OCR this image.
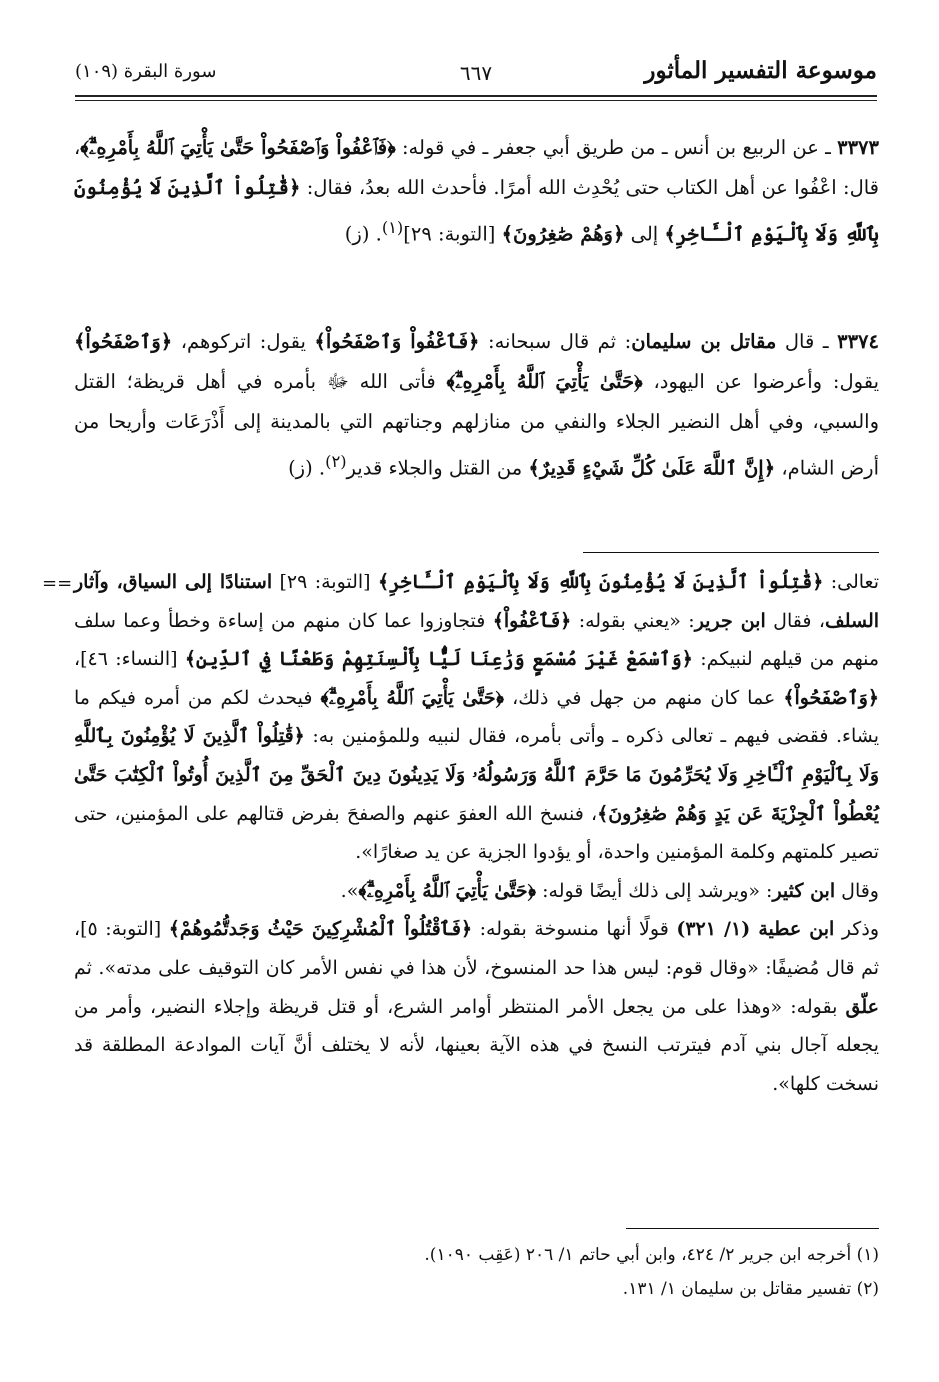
موسوعة التفسير المأثور
٦٦٧
سورة البقرة (١٠٩)

٣٣٧٣ ـ عن الربيع بن أنس ـ من طريق أبي جعفر ـ في قوله: ﴿فَٱعْفُواْ وَٱصْفَحُواْ حَتَّىٰ يَأْتِيَ ٱللَّهُ بِأَمْرِهِۦٓۗ﴾، قال: اعْفُوا عن أهل الكتاب حتى يُحْدِث الله أمرًا. فأحدث الله بعدُ، فقال: ﴿قَٰتِلُواْ ٱلَّذِينَ لَا يُؤْمِنُونَ بِٱللَّهِ وَلَا بِٱلْيَوْمِ ٱلْـَٔاخِرِ﴾ إلى ﴿وَهُمْ صَٰغِرُونَ﴾ [التوبة: ٢٩]$^{(١)}$. (ز)

٣٣٧٤ ـ قال مقاتل بن سليمان: ثم قال سبحانه: ﴿فَٱعْفُواْ وَٱصْفَحُواْ﴾ يقول: اتركوهم، ﴿وَٱصْفَحُواْ﴾ يقول: وأعرضوا عن اليهود، ﴿حَتَّىٰ يَأْتِيَ ٱللَّهُ بِأَمْرِهِۦٓۗ﴾ فأتى الله ﷻ بأمره في أهل قريظة؛ القتل والسبي، وفي أهل النضير الجلاء والنفي من منازلهم وجناتهم التي بالمدينة إلى أَذْرَعَات وأريحا من أرض الشام، ﴿إِنَّ ٱللَّهَ عَلَىٰ كُلِّ شَيْءٍ قَدِيرٌ﴾ من القتل والجلاء قدير$^{(٢)}$. (ز)

==	تعالى: ﴿قَٰتِلُواْ ٱلَّذِينَ لَا يُؤْمِنُونَ بِٱللَّهِ وَلَا بِٱلْيَوْمِ ٱلْـَٔاخِرِ﴾ [التوبة: ٢٩] استنادًا إلى السياق، وآثار السلف، فقال ابن جرير: «يعني بقوله: ﴿فَٱعْفُواْ﴾ فتجاوزوا عما كان منهم من إساءة وخطأ وعما سلف منهم من قيلهم لنبيكم: ﴿وَٱسْمَعْ غَيْرَ مُسْمَعٍ وَرَٰعِنَا لَيًّۢا بِأَلْسِنَتِهِمْ وَطَعْنًا فِي ٱلدِّينِ﴾ [النساء: ٤٦]، ﴿وَٱصْفَحُواْ﴾ عما كان منهم من جهل في ذلك، ﴿حَتَّىٰ يَأْتِيَ ٱللَّهُ بِأَمْرِهِۦٓۗ﴾ فيحدث لكم من أمره فيكم ما يشاء. فقضى فيهم ـ تعالى ذكره ـ وأتى بأمره، فقال لنبيه وللمؤمنين به: ﴿قَٰتِلُواْ ٱلَّذِينَ لَا يُؤْمِنُونَ بِٱللَّهِ وَلَا بِٱلْيَوْمِ ٱلْـَٔاخِرِ وَلَا يُحَرِّمُونَ مَا حَرَّمَ ٱللَّهُ وَرَسُولُهُۥ وَلَا يَدِينُونَ دِينَ ٱلْحَقِّ مِنَ ٱلَّذِينَ أُوتُواْ ٱلْكِتَٰبَ حَتَّىٰ يُعْطُواْ ٱلْجِزْيَةَ عَن يَدٍ وَهُمْ صَٰغِرُونَ﴾، فنسخ الله العفوَ عنهم والصفحَ بفرض قتالهم على المؤمنين، حتى تصير كلمتهم وكلمة المؤمنين واحدة، أو يؤدوا الجزية عن يد صغارًا».

وقال ابن كثير: «ويرشد إلى ذلك أيضًا قوله: ﴿حَتَّىٰ يَأْتِيَ ٱللَّهُ بِأَمْرِهِۦٓۗ﴾».

وذكر ابن عطية (١/ ٣٢١) قولًا أنها منسوخة بقوله: ﴿فَٱقْتُلُواْ ٱلْمُشْرِكِينَ حَيْثُ وَجَدتُّمُوهُمْ﴾ [التوبة: ٥]، ثم قال مُضيفًا: «وقال قوم: ليس هذا حد المنسوخ، لأن هذا في نفس الأمر كان التوقيف على مدته». ثم علّق بقوله: «وهذا على من يجعل الأمر المنتظر أوامر الشرع، أو قتل قريظة وإجلاء النضير، وأمر من يجعله آجال بني آدم فيترتب النسخ في هذه الآية بعينها، لأنه لا يختلف أنَّ آيات الموادعة المطلقة قد نسخت كلها».

(١) أخرجه ابن جرير ٢/ ٤٢٤، وابن أبي حاتم ١/ ٢٠٦ (عَقِب ١٠٩٠).

(٢) تفسير مقاتل بن سليمان ١/ ١٣١.
